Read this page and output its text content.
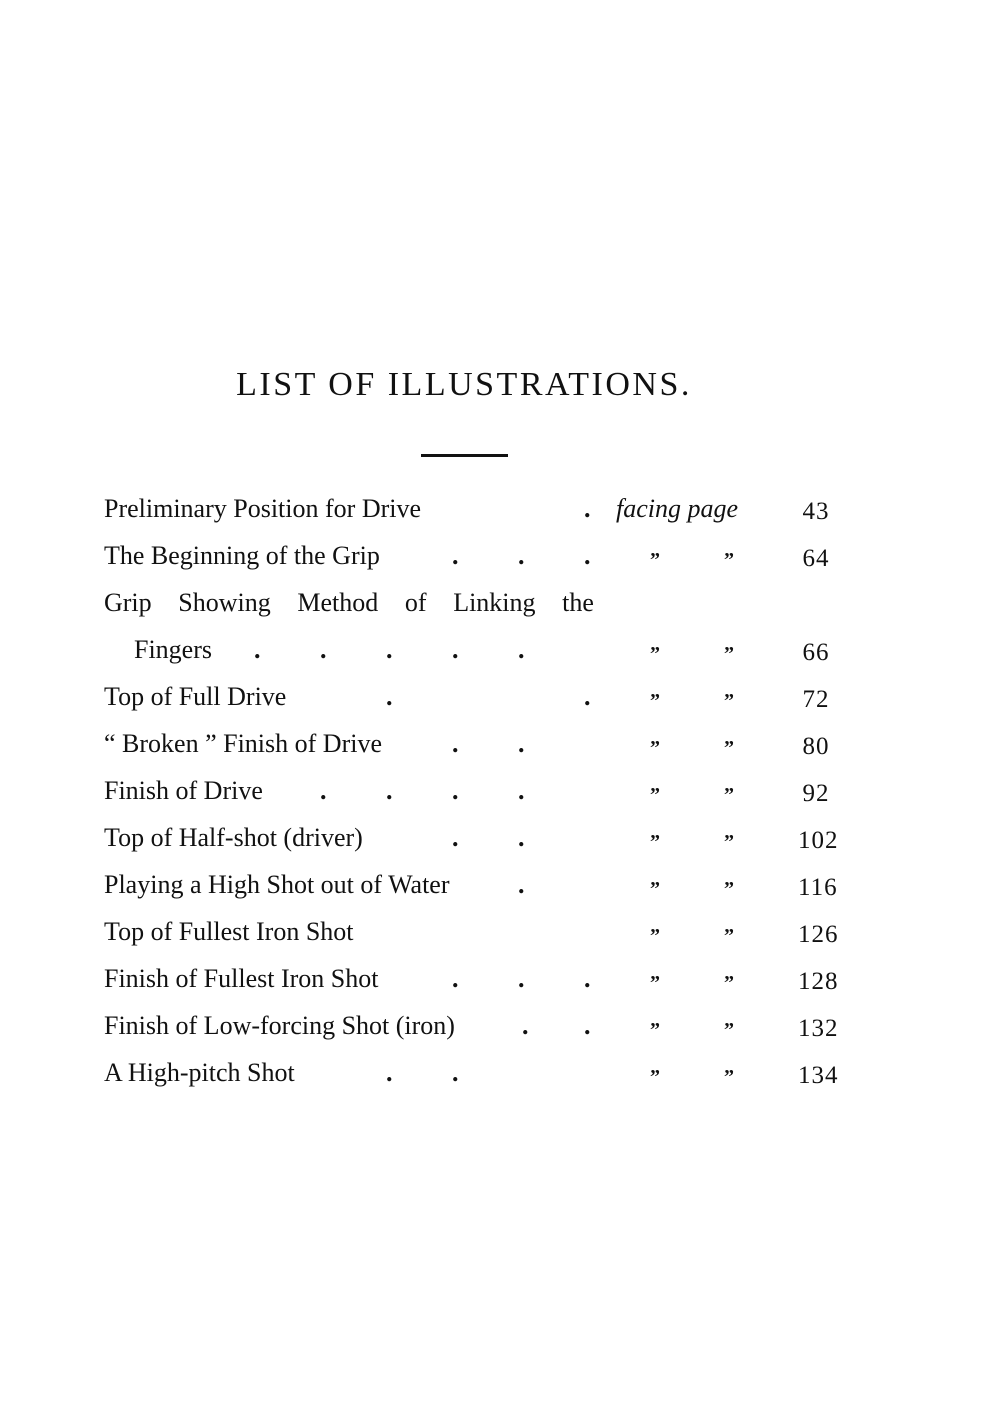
LIST OF ILLUSTRATIONS.
Preliminary Position for Drive	. facing page	43
The Beginning of the Grip	. . .	”	”	64
Grip Showing Method of Linking the
Fingers . . . . .	”	”	66
Top of Full Drive	.	.	”	”	72
“ Broken ” Finish of Drive	. .	”	”	80
Finish of Drive . . . .	”	”	92
Top of Half-shot (driver)	. .	”	”	102
Playing a High Shot out of Water	.	”	”	116
Top of Fullest Iron Shot	”	”	126
Finish of Fullest Iron Shot	. . .	”	”	128
Finish of Low-forcing Shot (iron)	. .	”	”	132
A High-pitch Shot	. .	”	”	134
